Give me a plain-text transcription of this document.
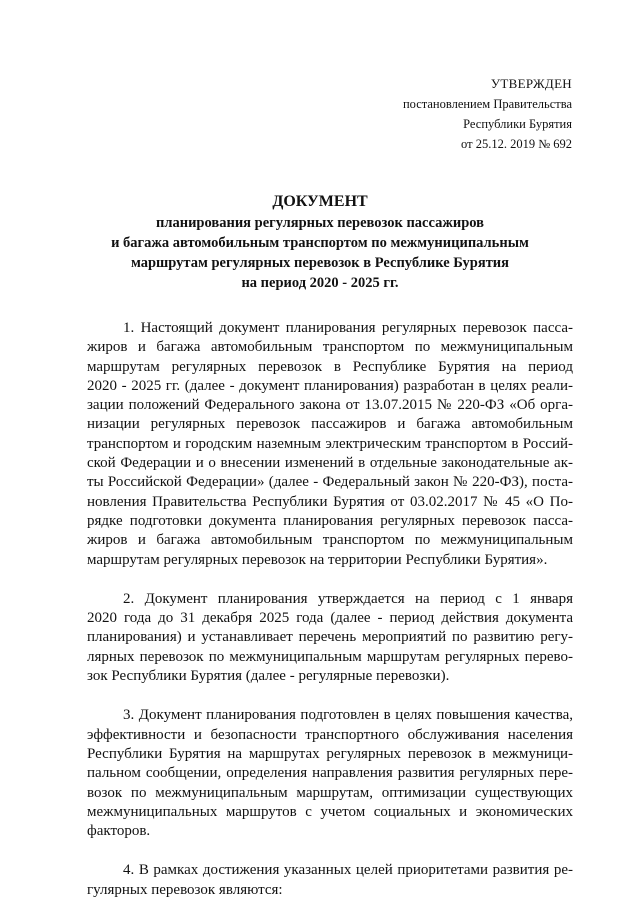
УТВЕРЖДЕН
постановлением Правительства
Республики Бурятия
от 25.12. 2019 № 692
ДОКУМЕНТ
планирования регулярных перевозок пассажиров
и багажа автомобильным транспортом по межмуниципальным
маршрутам регулярных перевозок в Республике Бурятия
на период 2020 - 2025 гг.
1. Настоящий документ планирования регулярных перевозок пасса-
жиров и багажа автомобильным транспортом по межмуниципальным
маршрутам регулярных перевозок в Республике Бурятия на период
2020 - 2025 гг. (далее - документ планирования) разработан в целях реали-
зации положений Федерального закона от 13.07.2015 № 220-ФЗ «Об орга-
низации регулярных перевозок пассажиров и багажа автомобильным
транспортом и городским наземным электрическим транспортом в Россий-
ской Федерации и о внесении изменений в отдельные законодательные ак-
ты Российской Федерации» (далее - Федеральный закон № 220-ФЗ), поста-
новления Правительства Республики Бурятия от 03.02.2017 № 45 «О По-
рядке подготовки документа планирования регулярных перевозок пасса-
жиров и багажа автомобильным транспортом по межмуниципальным
маршрутам регулярных перевозок на территории Республики Бурятия».
2. Документ планирования утверждается на период с 1 января
2020 года до 31 декабря 2025 года (далее - период действия документа
планирования) и устанавливает перечень мероприятий по развитию регу-
лярных перевозок по межмуниципальным маршрутам регулярных перево-
зок Республики Бурятия (далее - регулярные перевозки).
3. Документ планирования подготовлен в целях повышения качества,
эффективности и безопасности транспортного обслуживания населения
Республики Бурятия на маршрутах регулярных перевозок в межмуници-
пальном сообщении, определения направления развития регулярных пере-
возок по межмуниципальным маршрутам, оптимизации существующих
межмуниципальных маршрутов с учетом социальных и экономических
факторов.
4. В рамках достижения указанных целей приоритетами развития ре-
гулярных перевозок являются:
